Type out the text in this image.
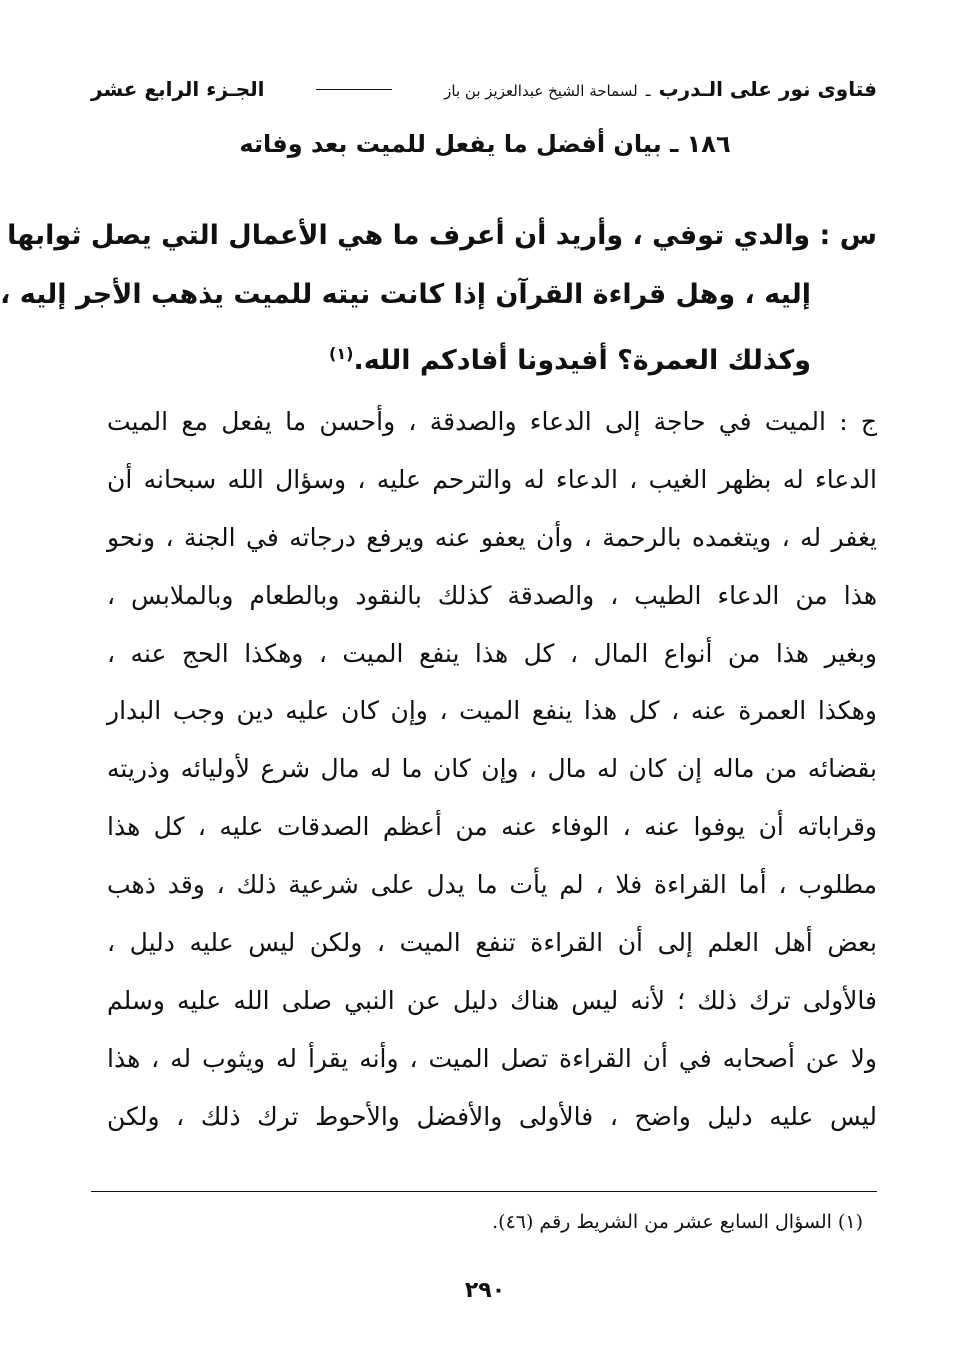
فتاوى نور على الـدرب ـ لسماحة الشيخ عبدالعزيز بن باز
الجـزء الرابع عشر
١٨٦ ـ بيان أفضل ما يفعل للميت بعد وفاته
س : والدي توفي ، وأريد أن أعرف ما هي الأعمال التي يصل ثوابها
إليه ، وهل قراءة القرآن إذا كانت نيته للميت يذهب الأجر إليه ،
وكذلك العمرة؟ أفيدونا أفادكم الله.$^{(١)}$
ج : الميت في حاجة إلى الدعاء والصدقة ، وأحسن ما يفعل مع الميت
الدعاء له بظهر الغيب ، الدعاء له والترحم عليه ، وسؤال الله سبحانه أن
يغفر له ، ويتغمده بالرحمة ، وأن يعفو عنه ويرفع درجاته في الجنة ، ونحو
هذا من الدعاء الطيب ، والصدقة كذلك بالنقود وبالطعام وبالملابس ،
وبغير هذا من أنواع المال ، كل هذا ينفع الميت ، وهكذا الحج عنه ،
وهكذا العمرة عنه ، كل هذا ينفع الميت ، وإن كان عليه دين وجب البدار
بقضائه من ماله إن كان له مال ، وإن كان ما له مال شرع لأوليائه وذريته
وقراباته أن يوفوا عنه ، الوفاء عنه من أعظم الصدقات عليه ، كل هذا
مطلوب ، أما القراءة فلا ، لم يأت ما يدل على شرعية ذلك ، وقد ذهب
بعض أهل العلم إلى أن القراءة تنفع الميت ، ولكن ليس عليه دليل ،
فالأولى ترك ذلك ؛ لأنه ليس هناك دليل عن النبي صلى الله عليه وسلم
ولا عن أصحابه في أن القراءة تصل الميت ، وأنه يقرأ له ويثوب له ، هذا
ليس عليه دليل واضح ، فالأولى والأفضل والأحوط ترك ذلك ، ولكن
(١) السؤال السابع عشر من الشريط رقم (٤٦).
٢٩٠
